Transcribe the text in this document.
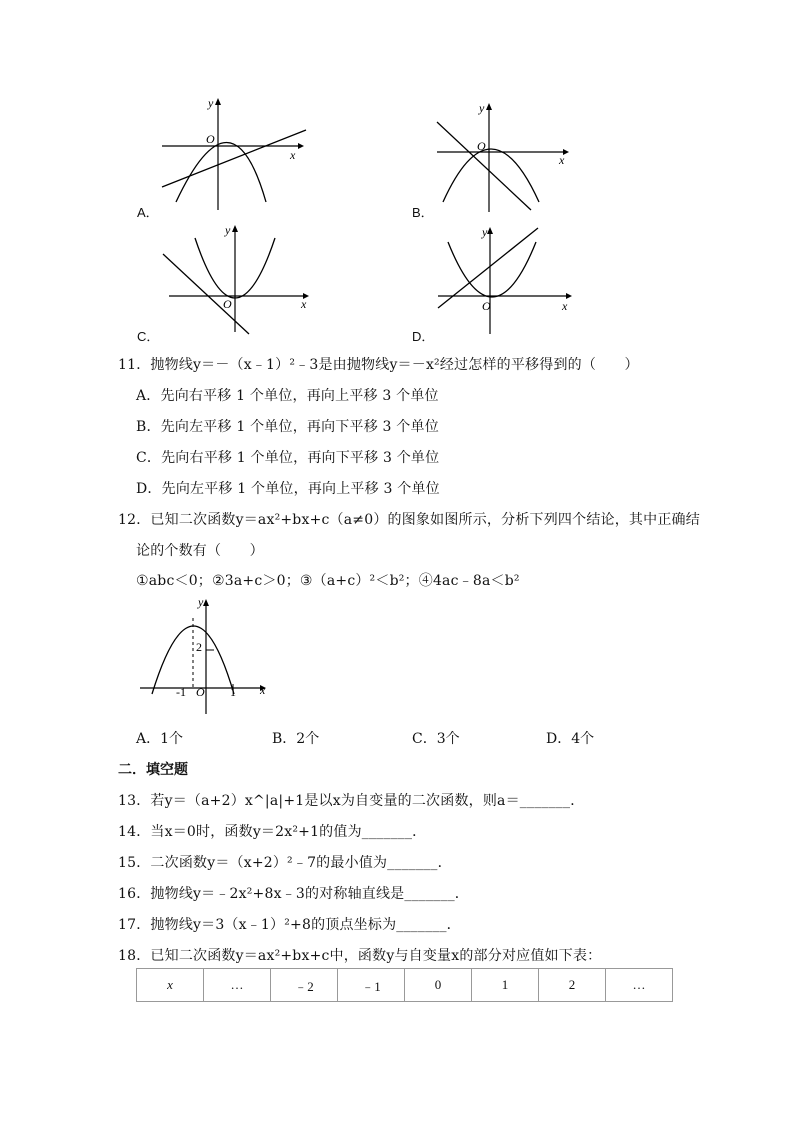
x
y
O
A．
x
y
O
B．
x
y
O
C．
x
y
O
D．
11．抛物线y＝－（x﹣1）²﹣3是由抛物线y＝－x²经过怎样的平移得到的（　　）
A．先向右平移 1 个单位，再向上平移 3 个单位
B．先向左平移 1 个单位，再向下平移 3 个单位
C．先向右平移 1 个单位，再向下平移 3 个单位
D．先向左平移 1 个单位，再向上平移 3 个单位
12．已知二次函数y＝ax²+bx+c（a≠0）的图象如图所示，分析下列四个结论，其中正确结
论的个数有（　　）
①abc＜0；②3a+c＞0；③（a+c）²＜b²；④4ac﹣8a＜b²
y
x
2
-1 O 1
A．1个	B．2个	C．3个	D．4个
二．填空题
13．若y＝（a+2）x^|a|+1是以x为自变量的二次函数，则a＝_______．
14．当x＝0时，函数y＝2x²+1的值为_______．
15．二次函数y＝（x+2）²﹣7的最小值为_______．
16．抛物线y＝﹣2x²+8x﹣3的对称轴直线是_______．
17．抛物线y＝3（x﹣1）²+8的顶点坐标为_______．
18．已知二次函数y＝ax²+bx+c中，函数y与自变量x的部分对应值如下表：
x	…	﹣2	﹣1	0	1	2	…
